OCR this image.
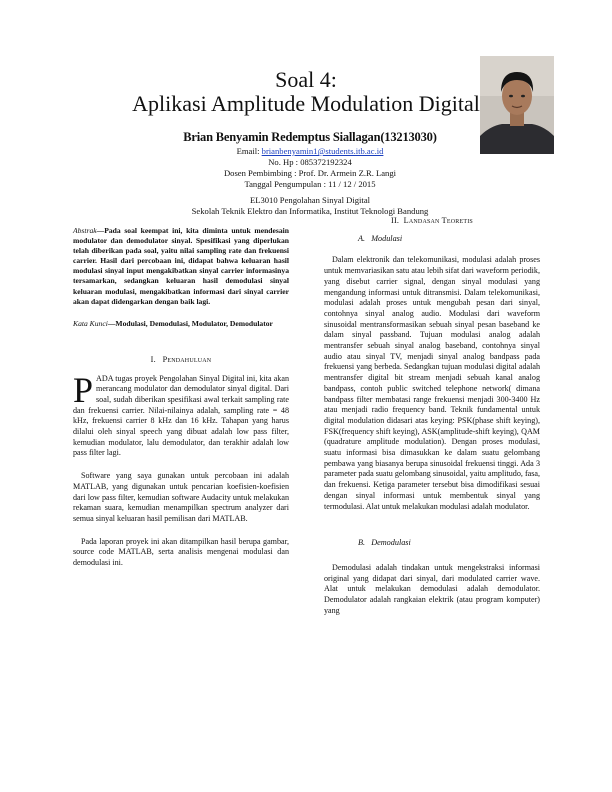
Soal 4:
Aplikasi Amplitude Modulation Digital
Brian Benyamin Redemptus Siallagan(13213030)
Email: brianbenyamin1@students.itb.ac.id
No. Hp : 085372192324
Dosen Pembimbing : Prof. Dr. Armein Z.R. Langi
Tanggal Pengumpulan : 11 / 12 / 2015
EL3010 Pengolahan Sinyal Digital
Sekolah Teknik Elektro dan Informatika, Institut Teknologi Bandung

Abstrak—Pada soal keempat ini, kita diminta untuk mendesain modulator dan demodulator sinyal. Spesifikasi yang diperlukan telah diberikan pada soal, yaitu nilai sampling rate dan frekuensi carrier. Hasil dari percobaan ini, didapat bahwa keluaran hasil modulasi sinyal input mengakibatkan sinyal carrier informasinya tersamarkan, sedangkan keluaran hasil demodulasi sinyal keluaran modulasi, mengakibatkan informasi dari sinyal carrier akan dapat didengarkan dengan baik lagi.

Kata Kunci—Modulasi, Demodulasi, Modulator, Demodulator

I. Pendahuluan

PADA tugas proyek Pengolahan Sinyal Digital ini, kita akan merancang modulator dan demodulator sinyal digital. Dari soal, sudah diberikan spesifikasi awal terkait sampling rate dan frekuensi carrier. Nilai-nilainya adalah, sampling rate = 48 kHz, frekuensi carrier 8 kHz dan 16 kHz. Tahapan yang harus dilalui oleh sinyal speech yang dibuat adalah low pass filter, kemudian modulator, lalu demodulator, dan terakhir adalah low pass filter lagi.

Software yang saya gunakan untuk percobaan ini adalah MATLAB, yang digunakan untuk pencarian koefisien-koefisien dari low pass filter, kemudian software Audacity untuk melakukan rekaman suara, kemudian menampilkan spectrum analyzer dari semua sinyal keluaran hasil pemilisan dari MATLAB.

Pada laporan proyek ini akan ditampilkan hasil berupa gambar, source code MATLAB, serta analisis mengenai modulasi dan demodulasi ini.

II. Landasan Teoretis
A. Modulasi

Dalam elektronik dan telekomunikasi, modulasi adalah proses untuk memvariasikan satu atau lebih sifat dari waveform periodik, yang disebut carrier signal, dengan sinyal modulasi yang mengandung informasi untuk ditransmisi. Dalam telekomunikasi, modulasi adalah proses untuk mengubah pesan dari sinyal, contohnya sinyal analog audio. Modulasi dari waveform sinusoidal mentransformasikan sebuah sinyal pesan baseband ke dalam sinyal passband. Tujuan modulasi analog adalah mentransfer sebuah sinyal analog baseband, contohnya sinyal audio atau sinyal TV, menjadi sinyal analog bandpass pada frekuensi yang berbeda. Sedangkan tujuan modulasi digital adalah mentransfer digital bit stream menjadi sebuah kanal analog bandpass, contoh public switched telephone network( dimana bandpass filter membatasi range frekuensi menjadi 300-3400 Hz atau menjadi radio frequency band. Teknik fundamental untuk digital modulation didasari atas keying: PSK(phase shift keying), FSK(frequency shift keying), ASK(amplitude-shift keying), QAM (quadrature amplitude modulation). Dengan proses modulasi, suatu informasi bisa dimasukkan ke dalam suatu gelombang pembawa yang biasanya berupa sinusoidal frekuensi tinggi. Ada 3 parameter pada suatu gelombang sinusoidal, yaitu amplitudo, fasa, dan frekuensi. Ketiga parameter tersebut bisa dimodifikasi sesuai dengan sinyal informasi untuk membentuk sinyal yang termodulasi. Alat untuk melakukan modulasi adalah modulator.

B. Demodulasi

Demodulasi adalah tindakan untuk mengekstraksi informasi original yang didapat dari sinyal, dari modulated carrier wave. Alat untuk melakukan demodulasi adalah demodulator. Demodulator adalah rangkaian elektrik (atau program komputer) yang
